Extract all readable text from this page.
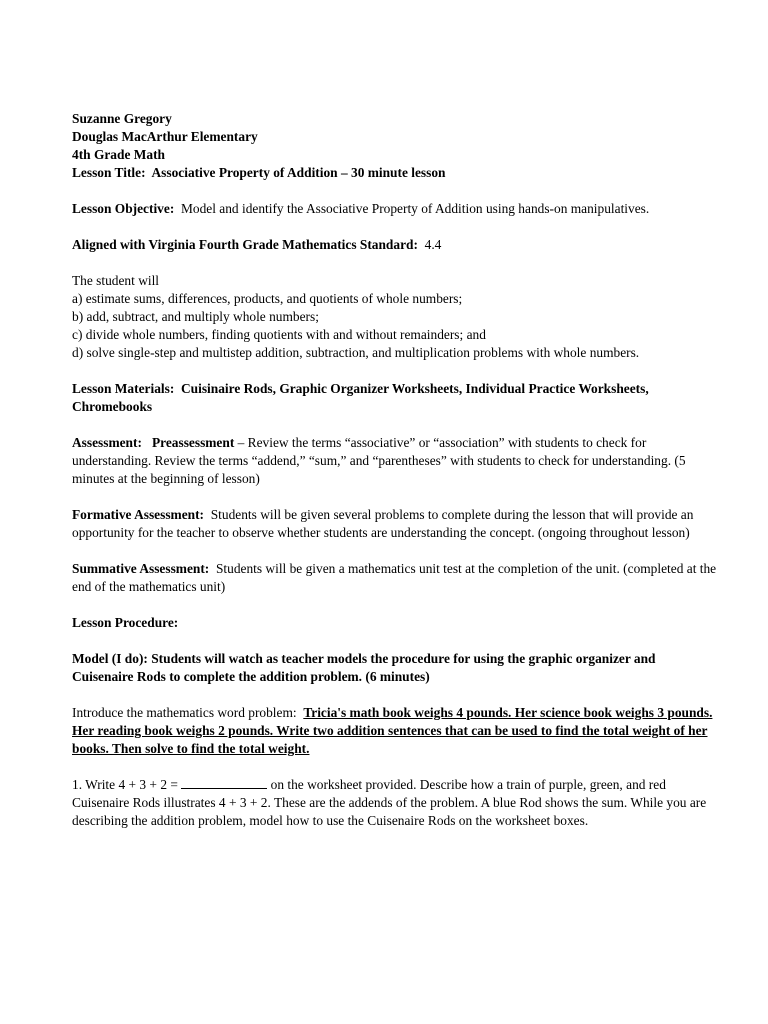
Suzanne Gregory
Douglas MacArthur Elementary
4th Grade Math
Lesson Title: Associative Property of Addition – 30 minute lesson

Lesson Objective: Model and identify the Associative Property of Addition using hands-on manipulatives.

Aligned with Virginia Fourth Grade Mathematics Standard: 4.4

The student will
a) estimate sums, differences, products, and quotients of whole numbers;
b) add, subtract, and multiply whole numbers;
c) divide whole numbers, finding quotients with and without remainders; and
d) solve single-step and multistep addition, subtraction, and multiplication problems with whole numbers.

Lesson Materials: Cuisinaire Rods, Graphic Organizer Worksheets, Individual Practice Worksheets, Chromebooks

Assessment: Preassessment – Review the terms “associative” or “association” with students to check for understanding. Review the terms “addend,” “sum,” and “parentheses” with students to check for understanding. (5 minutes at the beginning of lesson)

Formative Assessment: Students will be given several problems to complete during the lesson that will provide an opportunity for the teacher to observe whether students are understanding the concept. (ongoing throughout lesson)

Summative Assessment: Students will be given a mathematics unit test at the completion of the unit. (completed at the end of the mathematics unit)

Lesson Procedure:

Model (I do): Students will watch as teacher models the procedure for using the graphic organizer and Cuisenaire Rods to complete the addition problem. (6 minutes)

Introduce the mathematics word problem: Tricia's math book weighs 4 pounds. Her science book weighs 3 pounds. Her reading book weighs 2 pounds. Write two addition sentences that can be used to find the total weight of her books. Then solve to find the total weight.

1. Write 4 + 3 + 2 =	on the worksheet provided. Describe how a train of purple, green, and red Cuisenaire Rods illustrates 4 + 3 + 2. These are the addends of the problem. A blue Rod shows the sum. While you are describing the addition problem, model how to use the Cuisenaire Rods on the worksheet boxes.
